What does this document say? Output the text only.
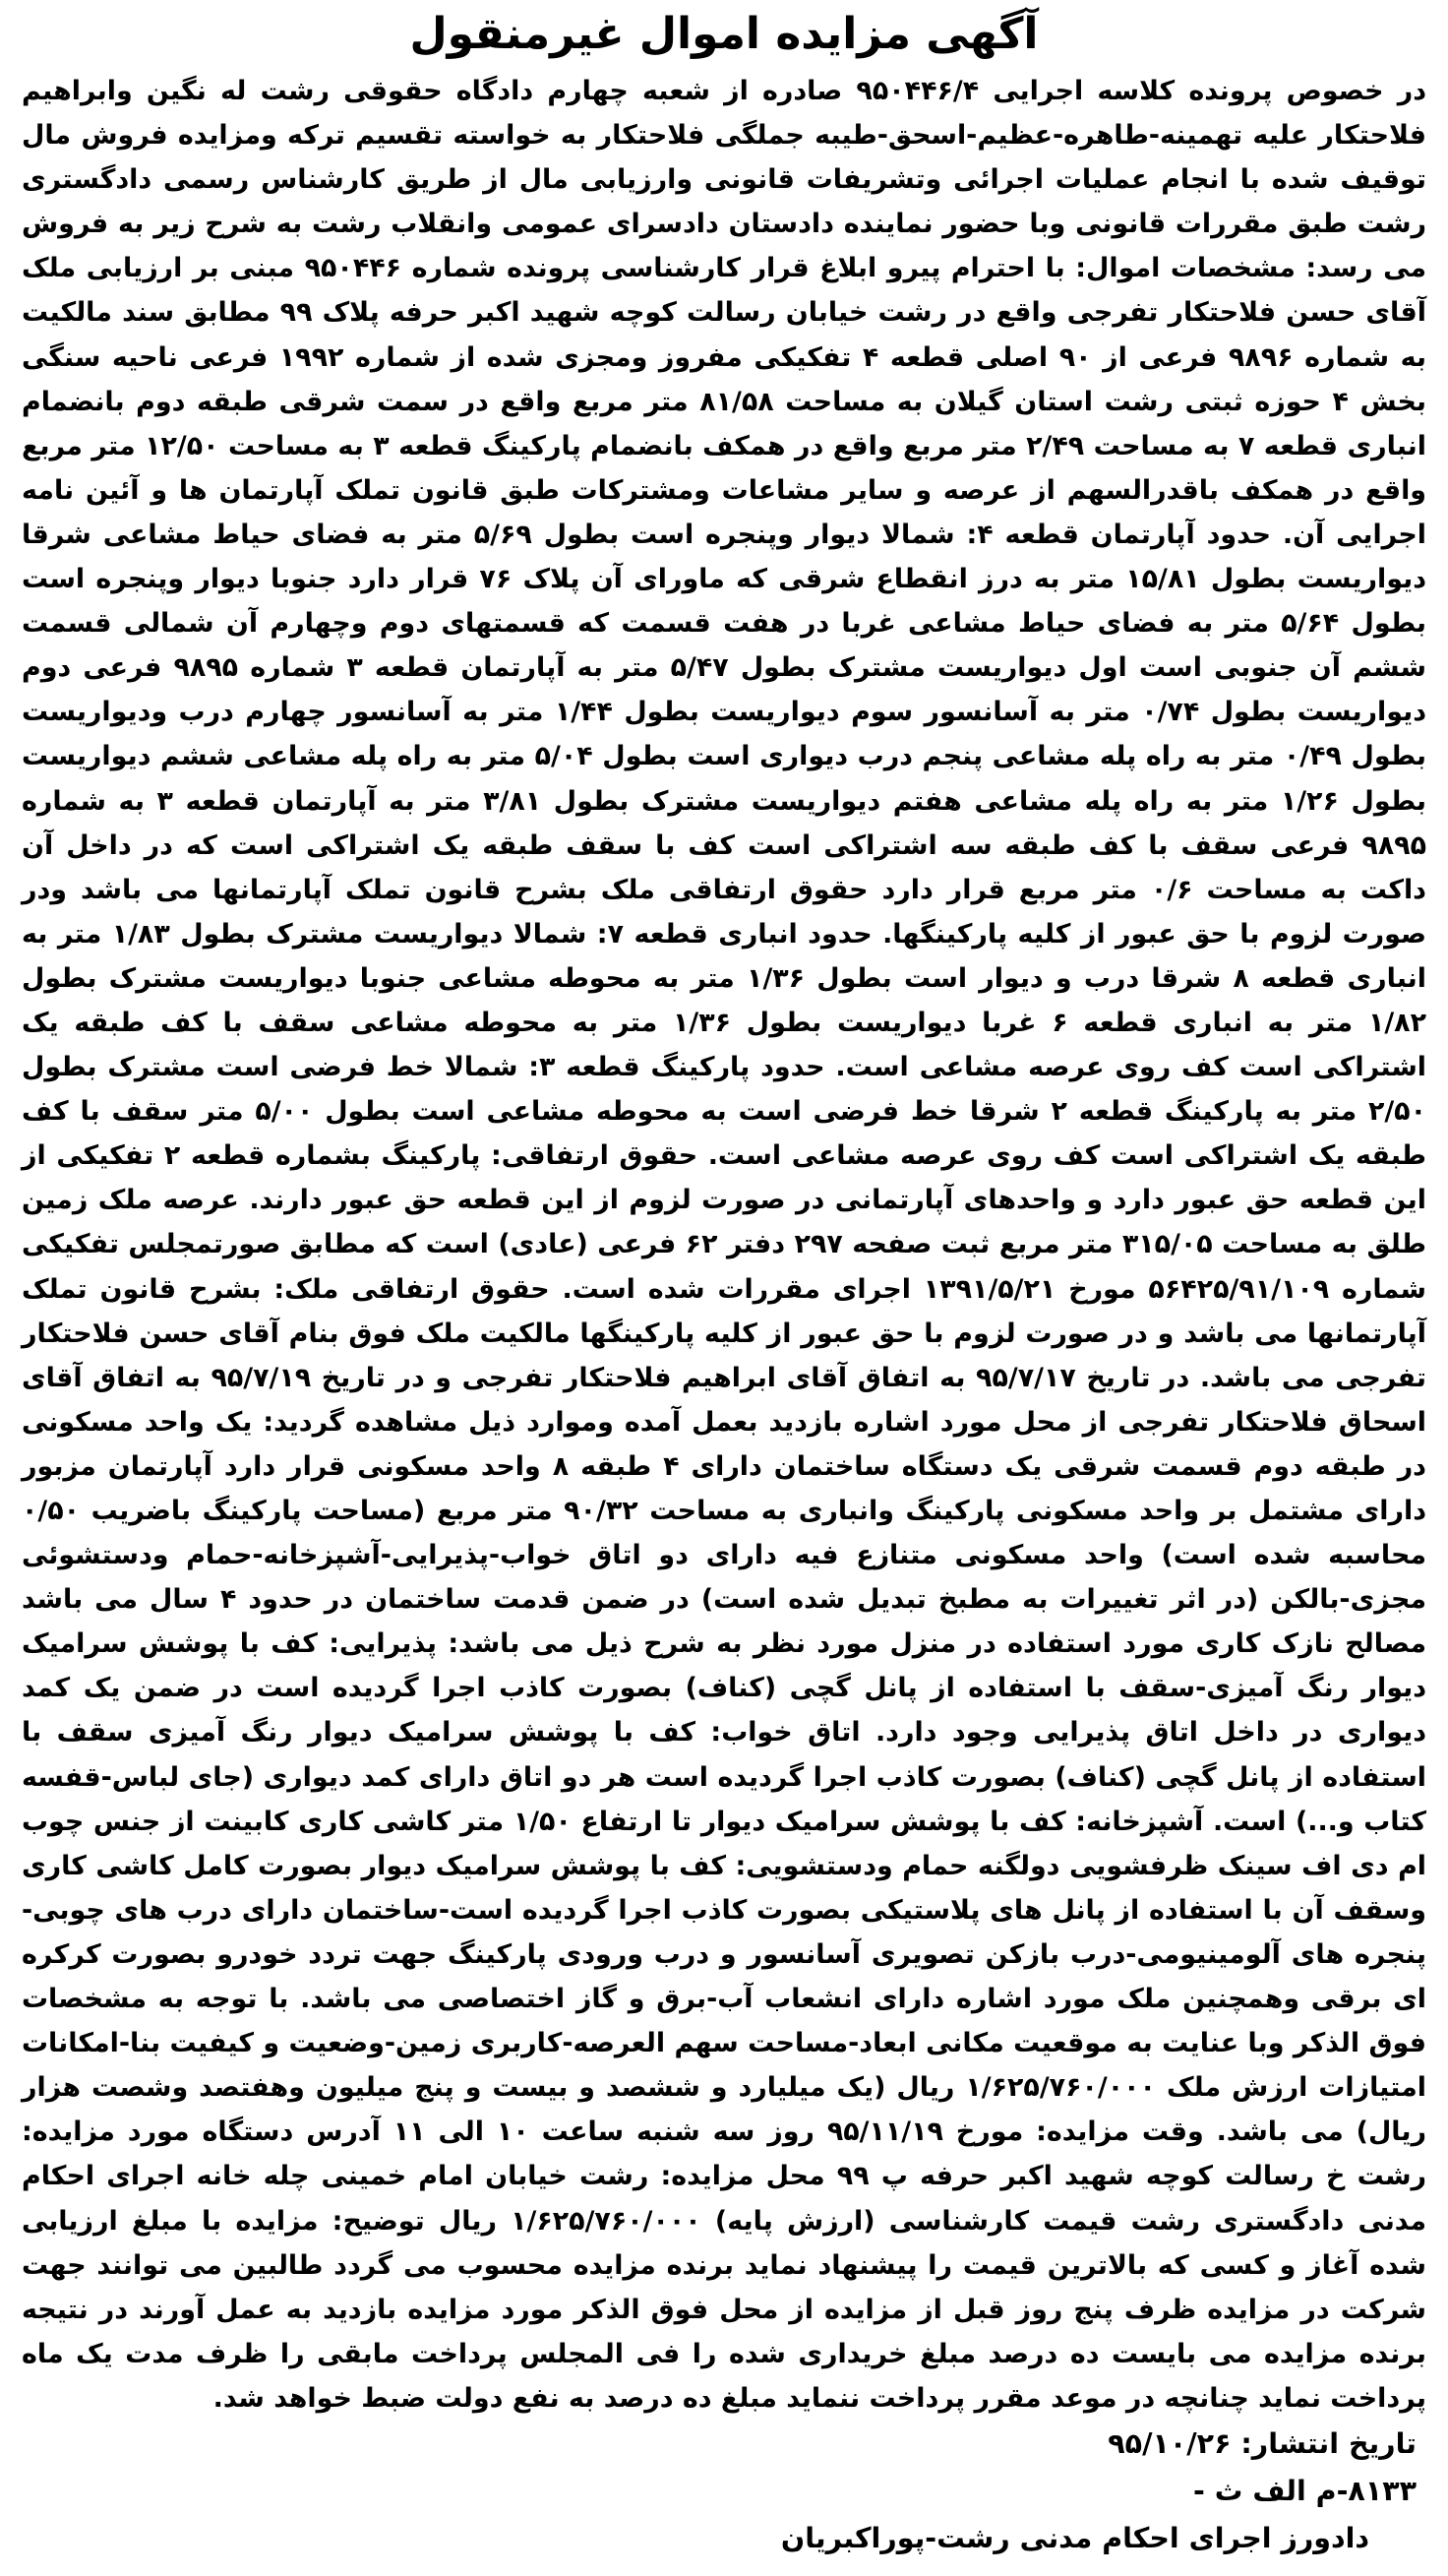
آگهی مزایده اموال غیرمنقول

در خصوص پرونده کلاسه اجرایی ۹۵۰۴۴۶/۴ صادره از شعبه چهارم دادگاه حقوقی رشت له نگین وابراهیم فلاحتکار علیه تهمینه-طاهره-عظیم-اسحق-طیبه جملگی فلاحتکار به خواسته تقسیم ترکه ومزایده فروش مال توقیف شده با انجام عملیات اجرائی وتشریفات قانونی وارزیابی مال از طریق کارشناس رسمی دادگستری رشت طبق مقررات قانونی وبا حضور نماینده دادستان دادسرای عمومی وانقلاب رشت به شرح زیر به فروش می رسد: مشخصات اموال: با احترام پیرو ابلاغ قرار کارشناسی پرونده شماره ۹۵۰۴۴۶ مبنی بر ارزیابی ملک آقای حسن فلاحتکار تفرجی واقع در رشت خیابان رسالت کوچه شهید اکبر حرفه پلاک ۹۹ مطابق سند مالکیت به شماره ۹۸۹۶ فرعی از ۹۰ اصلی قطعه ۴ تفکیکی مفروز ومجزی شده از شماره ۱۹۹۲ فرعی ناحیه سنگی بخش ۴ حوزه ثبتی رشت استان گیلان به مساحت ۸۱/۵۸ متر مربع واقع در سمت شرقی طبقه دوم بانضمام انباری قطعه ۷ به مساحت ۲/۴۹ متر مربع واقع در همکف بانضمام پارکینگ قطعه ۳ به مساحت ۱۲/۵۰ متر مربع واقع در همکف باقدرالسهم از عرصه و سایر مشاعات ومشترکات طبق قانون تملک آپارتمان ها و آئین نامه اجرایی آن. حدود آپارتمان قطعه ۴: شمالا دیوار وپنجره است بطول ۵/۶۹ متر به فضای حیاط مشاعی شرقا دیواریست بطول ۱۵/۸۱ متر به درز انقطاع شرقی که ماورای آن پلاک ۷۶ قرار دارد جنوبا دیوار وپنجره است بطول ۵/۶۴ متر به فضای حیاط مشاعی غربا در هفت قسمت که قسمتهای دوم وچهارم آن شمالی قسمت ششم آن جنوبی است اول دیواریست مشترک بطول ۵/۴۷ متر به آپارتمان قطعه ۳ شماره ۹۸۹۵ فرعی دوم دیواریست بطول ۰/۷۴ متر به آسانسور سوم دیواریست بطول ۱/۴۴ متر به آسانسور چهارم درب ودیواریست بطول ۰/۴۹ متر به راه پله مشاعی پنجم درب دیواری است بطول ۵/۰۴ متر به راه پله مشاعی ششم دیواریست بطول ۱/۲۶ متر به راه پله مشاعی هفتم دیواریست مشترک بطول ۳/۸۱ متر به آپارتمان قطعه ۳ به شماره ۹۸۹۵ فرعی سقف با کف طبقه سه اشتراکی است کف با سقف طبقه یک اشتراکی است که در داخل آن داکت به مساحت ۰/۶ متر مربع قرار دارد حقوق ارتفاقی ملک بشرح قانون تملک آپارتمانها می باشد ودر صورت لزوم با حق عبور از کلیه پارکینگها. حدود انباری قطعه ۷: شمالا دیواریست مشترک بطول ۱/۸۳ متر به انباری قطعه ۸ شرقا درب و دیوار است بطول ۱/۳۶ متر به محوطه مشاعی جنوبا دیواریست مشترک بطول ۱/۸۲ متر به انباری قطعه ۶ غربا دیواریست بطول ۱/۳۶ متر به محوطه مشاعی سقف با کف طبقه یک اشتراکی است کف روی عرصه مشاعی است. حدود پارکینگ قطعه ۳: شمالا خط فرضی است مشترک بطول ۲/۵۰ متر به پارکینگ قطعه ۲ شرقا خط فرضی است به محوطه مشاعی است بطول ۵/۰۰ متر سقف با کف طبقه یک اشتراکی است کف روی عرصه مشاعی است. حقوق ارتفاقی: پارکینگ بشماره قطعه ۲ تفکیکی از این قطعه حق عبور دارد و واحدهای آپارتمانی در صورت لزوم از این قطعه حق عبور دارند. عرصه ملک زمین طلق به مساحت ۳۱۵/۰۵ متر مربع ثبت صفحه ۲۹۷ دفتر ۶۲ فرعی (عادی) است که مطابق صورتمجلس تفکیکی شماره ۵۶۴۲۵/۹۱/۱۰۹ مورخ ۱۳۹۱/۵/۲۱ اجرای مقررات شده است. حقوق ارتفاقی ملک: بشرح قانون تملک آپارتمانها می باشد و در صورت لزوم با حق عبور از کلیه پارکینگها مالکیت ملک فوق بنام آقای حسن فلاحتکار تفرجی می باشد. در تاریخ ۹۵/۷/۱۷ به اتفاق آقای ابراهیم فلاحتکار تفرجی و در تاریخ ۹۵/۷/۱۹ به اتفاق آقای اسحاق فلاحتکار تفرجی از محل مورد اشاره بازدید بعمل آمده وموارد ذیل مشاهده گردید: یک واحد مسکونی در طبقه دوم قسمت شرقی یک دستگاه ساختمان دارای ۴ طبقه ۸ واحد مسکونی قرار دارد آپارتمان مزبور دارای مشتمل بر واحد مسکونی پارکینگ وانباری به مساحت ۹۰/۳۲ متر مربع (مساحت پارکینگ باضریب ۰/۵۰ محاسبه شده است) واحد مسکونی متنازع فیه دارای دو اتاق خواب-پذیرایی-آشپزخانه-حمام ودستشوئی مجزی-بالکن (در اثر تغییرات به مطبخ تبدیل شده است) در ضمن قدمت ساختمان در حدود ۴ سال می باشد مصالح نازک کاری مورد استفاده در منزل مورد نظر به شرح ذیل می باشد: پذیرایی: کف با پوشش سرامیک دیوار رنگ آمیزی-سقف با استفاده از پانل گچی (کناف) بصورت کاذب اجرا گردیده است در ضمن یک کمد دیواری در داخل اتاق پذیرایی وجود دارد. اتاق خواب: کف با پوشش سرامیک دیوار رنگ آمیزی سقف با استفاده از پانل گچی (کناف) بصورت کاذب اجرا گردیده است هر دو اتاق دارای کمد دیواری (جای لباس-قفسه کتاب و...) است. آشپزخانه: کف با پوشش سرامیک دیوار تا ارتفاع ۱/۵۰ متر کاشی کاری کابینت از جنس چوب ام دی اف سینک ظرفشویی دولگنه حمام ودستشویی: کف با پوشش سرامیک دیوار بصورت کامل کاشی کاری وسقف آن با استفاده از پانل های پلاستیکی بصورت کاذب اجرا گردیده است-ساختمان دارای درب های چوبی-پنجره های آلومینیومی-درب بازکن تصویری آسانسور و درب ورودی پارکینگ جهت تردد خودرو بصورت کرکره ای برقی وهمچنین ملک مورد اشاره دارای انشعاب آب-برق و گاز اختصاصی می باشد. با توجه به مشخصات فوق الذکر وبا عنایت به موقعیت مکانی ابعاد-مساحت سهم العرصه-کاربری زمین-وضعیت و کیفیت بنا-امکانات امتیازات ارزش ملک ۱/۶۲۵/۷۶۰/۰۰۰ ریال (یک میلیارد و ششصد و بیست و پنج میلیون وهفتصد وشصت هزار ریال) می باشد. وقت مزایده: مورخ ۹۵/۱۱/۱۹ روز سه شنبه ساعت ۱۰ الی ۱۱ آدرس دستگاه مورد مزایده: رشت خ رسالت کوچه شهید اکبر حرفه پ ۹۹ محل مزایده: رشت خیابان امام خمینی چله خانه اجرای احکام مدنی دادگستری رشت قیمت کارشناسی (ارزش پایه) ۱/۶۲۵/۷۶۰/۰۰۰ ریال توضیح: مزایده با مبلغ ارزیابی شده آغاز و کسی که بالاترین قیمت را پیشنهاد نماید برنده مزایده محسوب می گردد طالبین می توانند جهت شرکت در مزایده ظرف پنج روز قبل از مزایده از محل فوق الذکر مورد مزایده بازدید به عمل آورند در نتیجه برنده مزایده می بایست ده درصد مبلغ خریداری شده را فی المجلس پرداخت مابقی را ظرف مدت یک ماه پرداخت نماید چنانچه در موعد مقرر پرداخت ننماید مبلغ ده درصد به نفع دولت ضبط خواهد شد.

تاریخ انتشار: ۹۵/۱۰/۲۶

۸۱۳۳-م الف ث -

دادورز اجرای احکام مدنی رشت-پوراکبریان
